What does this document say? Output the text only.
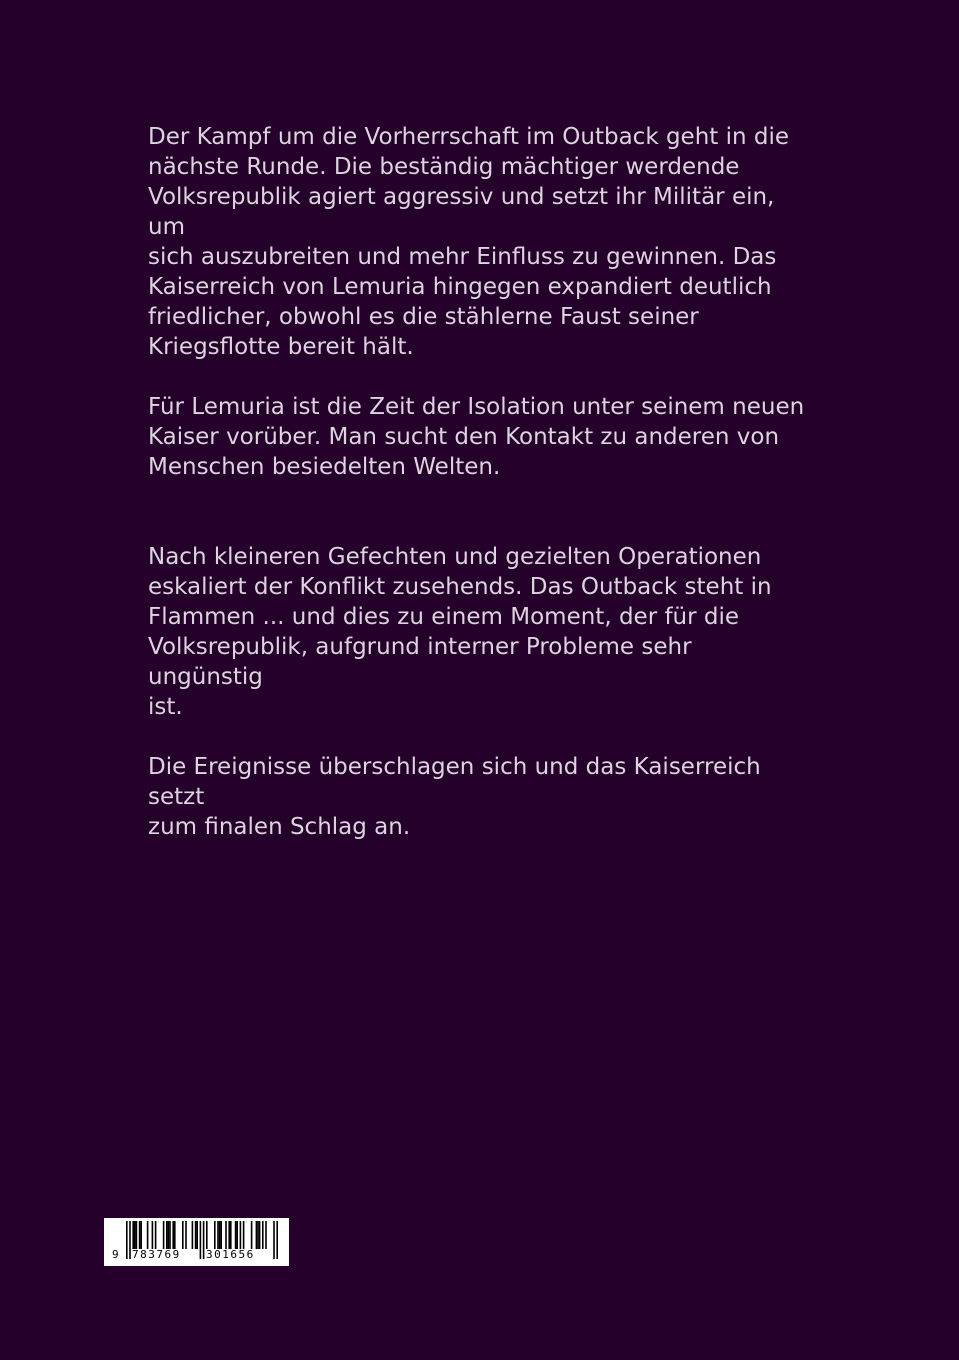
Der Kampf um die Vorherrschaft im Outback geht in die
nächste Runde. Die beständig mächtiger werdende
Volksrepublik agiert aggressiv und setzt ihr Militär ein, um
sich auszubreiten und mehr Einfluss zu gewinnen. Das
Kaiserreich von Lemuria hingegen expandiert deutlich
friedlicher, obwohl es die stählerne Faust seiner
Kriegsflotte bereit hält.

Für Lemuria ist die Zeit der Isolation unter seinem neuen
Kaiser vorüber. Man sucht den Kontakt zu anderen von
Menschen besiedelten Welten.

Nach kleineren Gefechten und gezielten Operationen
eskaliert der Konflikt zusehends. Das Outback steht in
Flammen ... und dies zu einem Moment, der für die
Volksrepublik, aufgrund interner Probleme sehr ungünstig
ist.

Die Ereignisse überschlagen sich und das Kaiserreich setzt
zum finalen Schlag an.

9 783769 301656
